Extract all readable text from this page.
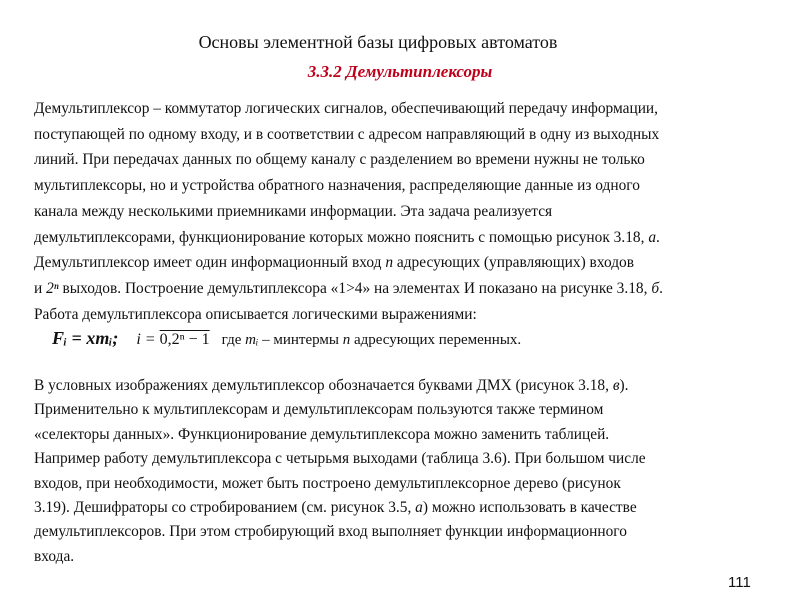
Основы элементной базы цифровых автоматов
3.3.2 Демультиплексоры
Демультиплексор – коммутатор логических сигналов, обеспечивающий передачу информации,
поступающей по одному входу, и в соответствии с адресом направляющий в одну из выходных
линий. При передачах данных по общему каналу с разделением во времени нужны не только
мультиплексоры, но и устройства обратного назначения, распределяющие данные из одного
канала между несколькими приемниками информации. Эта задача реализуется
демультиплексорами, функционирование которых можно пояснить с помощью рисунок 3.18, а.
Демультиплексор имеет один информационный вход n адресующих (управляющих) входов
и 2ⁿ выходов. Построение демультиплексора «1>4» на элементах И показано на рисунке 3.18, б.
Работа демультиплексора описывается логическими выражениями:
Fᵢ = xmᵢ; i = 0,2ⁿ − 1 где mᵢ – минтермы n адресующих переменных.
В условных изображениях демультиплексор обозначается буквами ДМХ (рисунок 3.18, в).
Применительно к мультиплексорам и демультиплексорам пользуются также термином
«селекторы данных». Функционирование демультиплексора можно заменить таблицей.
Например работу демультиплексора с четырьмя выходами (таблица 3.6). При большом числе
входов, при необходимости, может быть построено демультиплексорное дерево (рисунок
3.19). Дешифраторы со стробированием (см. рисунок 3.5, а) можно использовать в качестве
демультиплексоров. При этом стробирующий вход выполняет функции информационного
входа.
111
